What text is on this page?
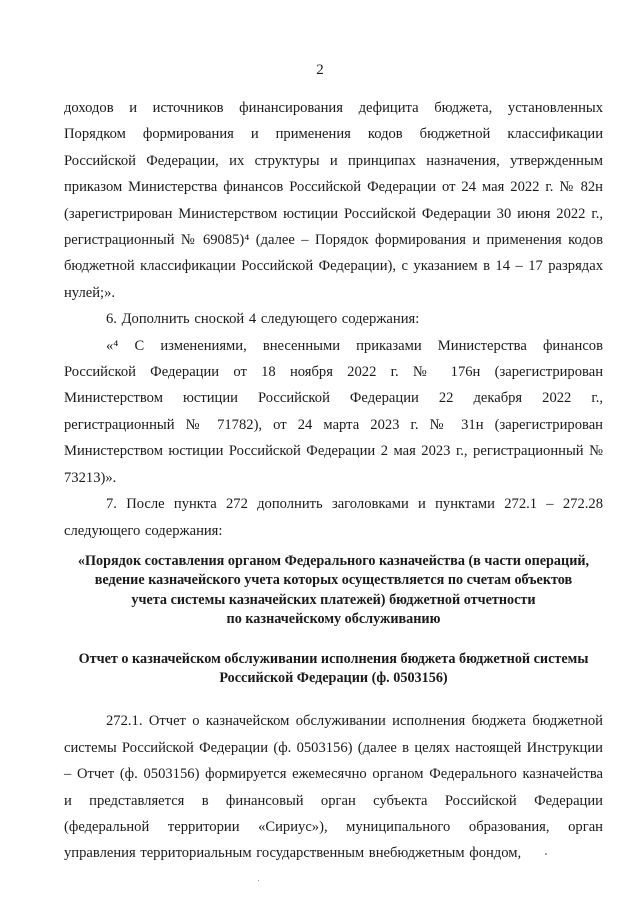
2

доходов и источников финансирования дефицита бюджета, установленных Порядком формирования и применения кодов бюджетной классификации Российской Федерации, их структуры и принципах назначения, утвержденным приказом Министерства финансов Российской Федерации от 24 мая 2022 г. № 82н (зарегистрирован Министерством юстиции Российской Федерации 30 июня 2022 г., регистрационный № 69085)⁴ (далее – Порядок формирования и применения кодов бюджетной классификации Российской Федерации), с указанием в 14 – 17 разрядах нулей;».

6. Дополнить сноской 4 следующего содержания:

«⁴ С изменениями, внесенными приказами Министерства финансов Российской Федерации от 18 ноября 2022 г. № 176н (зарегистрирован Министерством юстиции Российской Федерации 22 декабря 2022 г., регистрационный № 71782), от 24 марта 2023 г. № 31н (зарегистрирован Министерством юстиции Российской Федерации 2 мая 2023 г., регистрационный № 73213)».

7. После пункта 272 дополнить заголовками и пунктами 272.1 – 272.28 следующего содержания:

«Порядок составления органом Федерального казначейства (в части операций,

ведение казначейского учета которых осуществляется по счетам объектов

учета системы казначейских платежей) бюджетной отчетности

по казначейскому обслуживанию

Отчет о казначейском обслуживании исполнения бюджета бюджетной системы

Российской Федерации (ф. 0503156)

272.1. Отчет о казначейском обслуживании исполнения бюджета бюджетной системы Российской Федерации (ф. 0503156) (далее в целях настоящей Инструкции – Отчет (ф. 0503156) формируется ежемесячно органом Федерального казначейства и представляется в финансовый орган субъекта Российской Федерации (федеральной территории «Сириус»), муниципального образования, орган управления территориальным государственным внебюджетным фондом,
